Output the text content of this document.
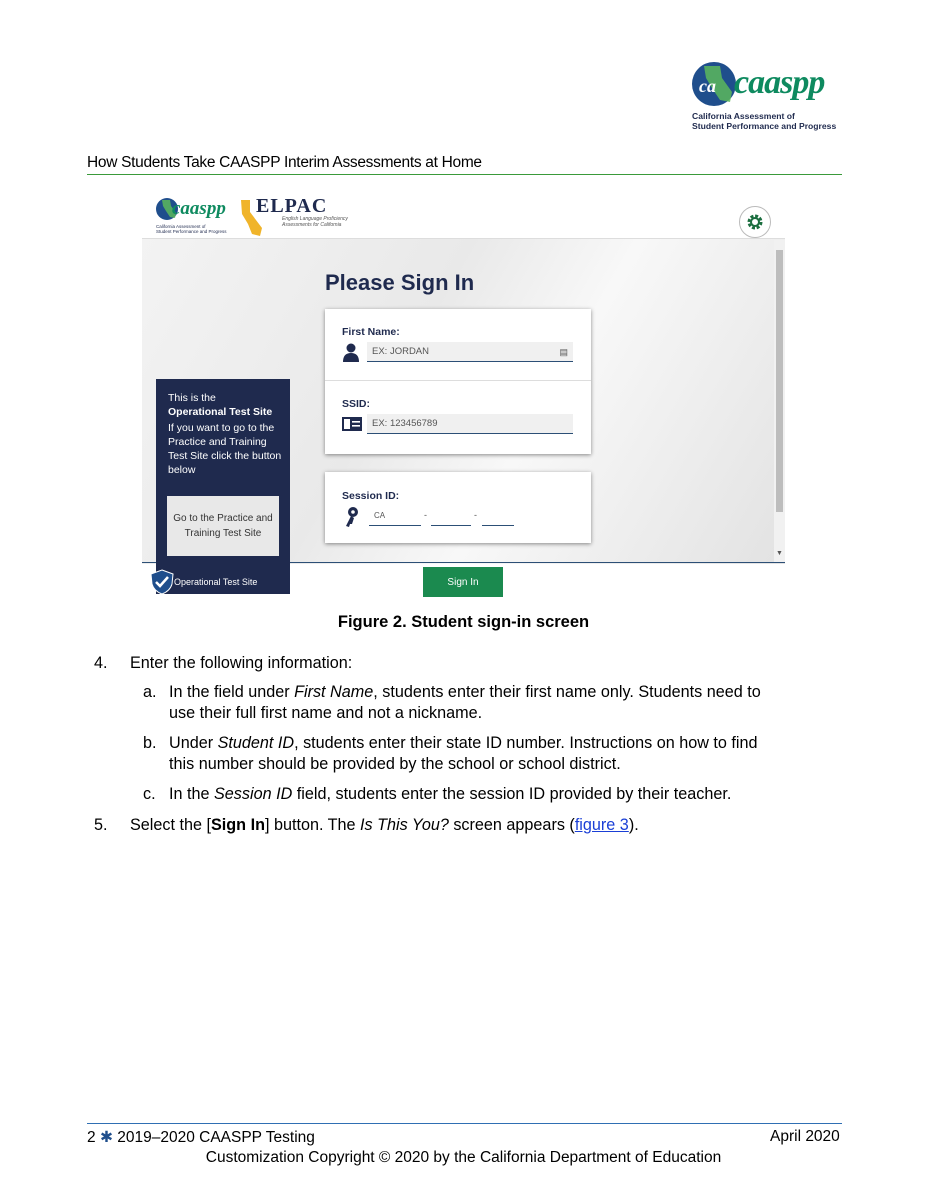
ca caaspp
California Assessment of
Student Performance and Progress
How Students Take CAASPP Interim Assessments at Home
caaspp
California Assessment of
Student Performance and Progress
ELPAC
English Language Proficiency
Assessments for California
▼
Please Sign In
First Name:
EX: JORDAN	▤
SSID:
EX: 123456789
Session ID:
CA	-	-
This is the
Operational Test Site
If you want to go to the Practice and Training Test Site click the button below
Go to the Practice and Training Test Site
Operational Test Site	Sign In
Figure 2. Student sign-in screen
4. Enter the following information:
a. In the field under First Name, students enter their first name only. Students need to
use their full first name and not a nickname.
b. Under Student ID, students enter their state ID number. Instructions on how to find
this number should be provided by the school or school district.
c. In the Session ID field, students enter the session ID provided by their teacher.
5. Select the [Sign In] button. The Is This You? screen appears (figure 3).
2 ✱ 2019–2020 CAASPP Testing	April 2020
Customization Copyright © 2020 by the California Department of Education
